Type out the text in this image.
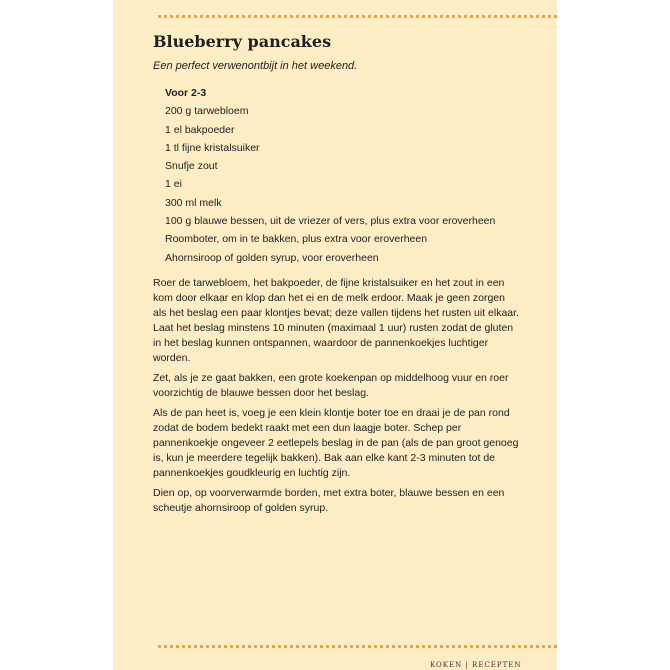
Blueberry pancakes
Een perfect verwenontbijt in het weekend.
Voor 2-3
200 g tarwebloem
1 el bakpoeder
1 tl fijne kristalsuiker
Snufje zout
1 ei
300 ml melk
100 g blauwe bessen, uit de vriezer of vers, plus extra voor eroverheen
Roomboter, om in te bakken, plus extra voor eroverheen
Ahornsiroop of golden syrup, voor eroverheen

Roer de tarwebloem, het bakpoeder, de fijne kristalsuiker en het zout in een kom door elkaar en klop dan het ei en de melk erdoor. Maak je geen zorgen als het beslag een paar klontjes bevat; deze vallen tijdens het rusten uit elkaar. Laat het beslag minstens 10 minuten (maximaal 1 uur) rusten zodat de gluten in het beslag kunnen ontspannen, waardoor de pannenkoekjes luchtiger worden.

Zet, als je ze gaat bakken, een grote koekenpan op middelhoog vuur en roer voorzichtig de blauwe bessen door het beslag.

Als de pan heet is, voeg je een klein klontje boter toe en draai je de pan rond zodat de bodem bedekt raakt met een dun laagje boter. Schep per pannenkoekje ongeveer 2 eetlepels beslag in de pan (als de pan groot genoeg is, kun je meerdere tegelijk bakken). Bak aan elke kant 2-3 minuten tot de pannenkoekjes goudkleurig en luchtig zijn.

Dien op, op voorverwarmde borden, met extra boter, blauwe bessen en een scheutje ahornsiroop of golden syrup.

KOKEN | RECEPTEN
